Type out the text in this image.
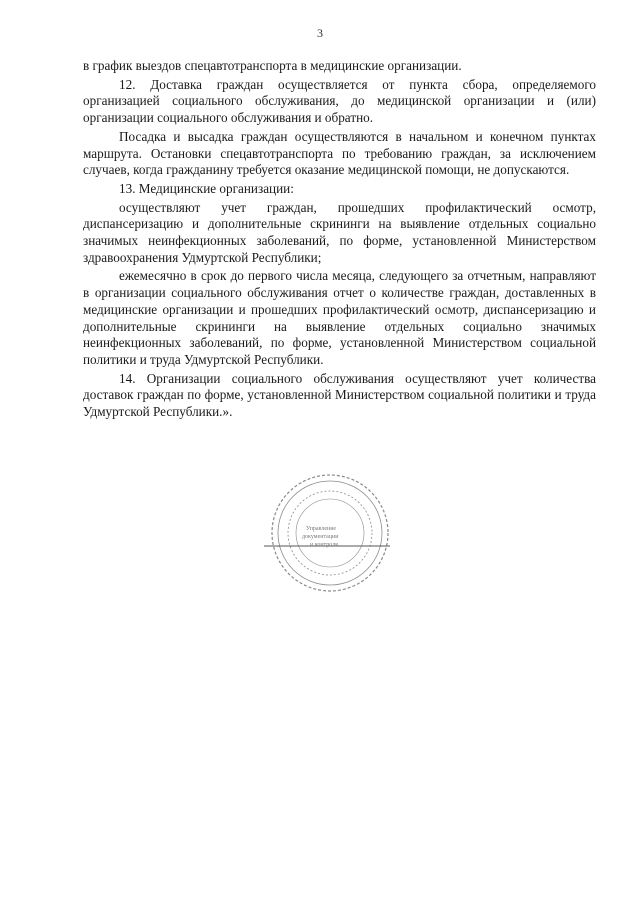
3

в график выездов спецавтотранспорта в медицинские организации.

12. Доставка граждан осуществляется от пункта сбора, определяемого организацией социального обслуживания, до медицинской организации и (или) организации социального обслуживания и обратно.

Посадка и высадка граждан осуществляются в начальном и конечном пунктах маршрута. Остановки спецавтотранспорта по требованию граждан, за исключением случаев, когда гражданину требуется оказание медицинской помощи, не допускаются.

13. Медицинские организации:

осуществляют учет граждан, прошедших профилактический осмотр, диспансеризацию и дополнительные скрининги на выявление отдельных социально значимых неинфекционных заболеваний, по форме, установленной Министерством здравоохранения Удмуртской Республики;

ежемесячно в срок до первого числа месяца, следующего за отчетным, направляют в организации социального обслуживания отчет о количестве граждан, доставленных в медицинские организации и прошедших профилактический осмотр, диспансеризацию и дополнительные скрининги на выявление отдельных социально значимых неинфекционных заболеваний, по форме, установленной Министерством социальной политики и труда Удмуртской Республики.

14. Организации социального обслуживания осуществляют учет количества доставок граждан по форме, установленной Министерством социальной политики и труда Удмуртской Республики.».

Управление
документации
и контроля
